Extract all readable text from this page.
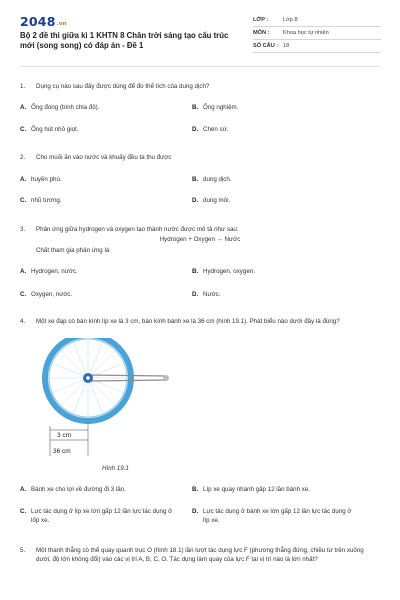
2048.vn
Bộ 2 đề thi giữa kì 1 KHTN 8 Chân trời sáng tạo cấu trúc mới (song song) có đáp án - Đề 1
LỚP :	Lớp 8
MÔN :	Khoa học tự nhiên
SỐ CÂU : 18
1.	Dụng cụ nào sau đây được dùng để đo thể tích của dung dịch?
A. Ống đong (bình chia độ).	B. Ống nghiệm.
C. Ống hút nhỏ giọt.	D. Chén sứ.
2.	Cho muối ăn vào nước và khuấy đều ta thu được
A. huyền phù.	B. dung dịch.
C. nhũ tương.	D. dung môi.
3.	Phản ứng giữa hydrogen và oxygen tạo thành nước được mô tả như sau:
Hydrogen + Oxygen → Nước
Chất tham gia phản ứng là
A. Hydrogen, nước.	B. Hydrogen, oxygen.
C. Oxygen, nước.	D. Nước.
4.	Một xe đạp có bán kính líp xe là 3 cm, bán kính bánh xe là 36 cm (hình 19.1). Phát biểu nào dưới đây là đúng?
3 cm
36 cm
Hình 19.1
A. Bánh xe cho lợi về đường đi 3 lần.	B. Líp xe quay nhanh gấp 12 lần bánh xe.
C. Lực tác dụng ở líp xe lớn gấp 12 lần lực tác dụng ở lốp xe.
D. Lực tác dụng ở bánh xe lớn gấp 12 lần lực tác dụng ở líp xe.
5.	Một thanh thẳng có thể quay quanh trục O (hình 18.1) lần lượt tác dụng lực F (phương thẳng đứng, chiều từ trên xuống dưới, độ lớn không đổi) vào các vị trí A, B, C, O. Tác dụng làm quay của lực F tại vị trí nào là lớn nhất?
